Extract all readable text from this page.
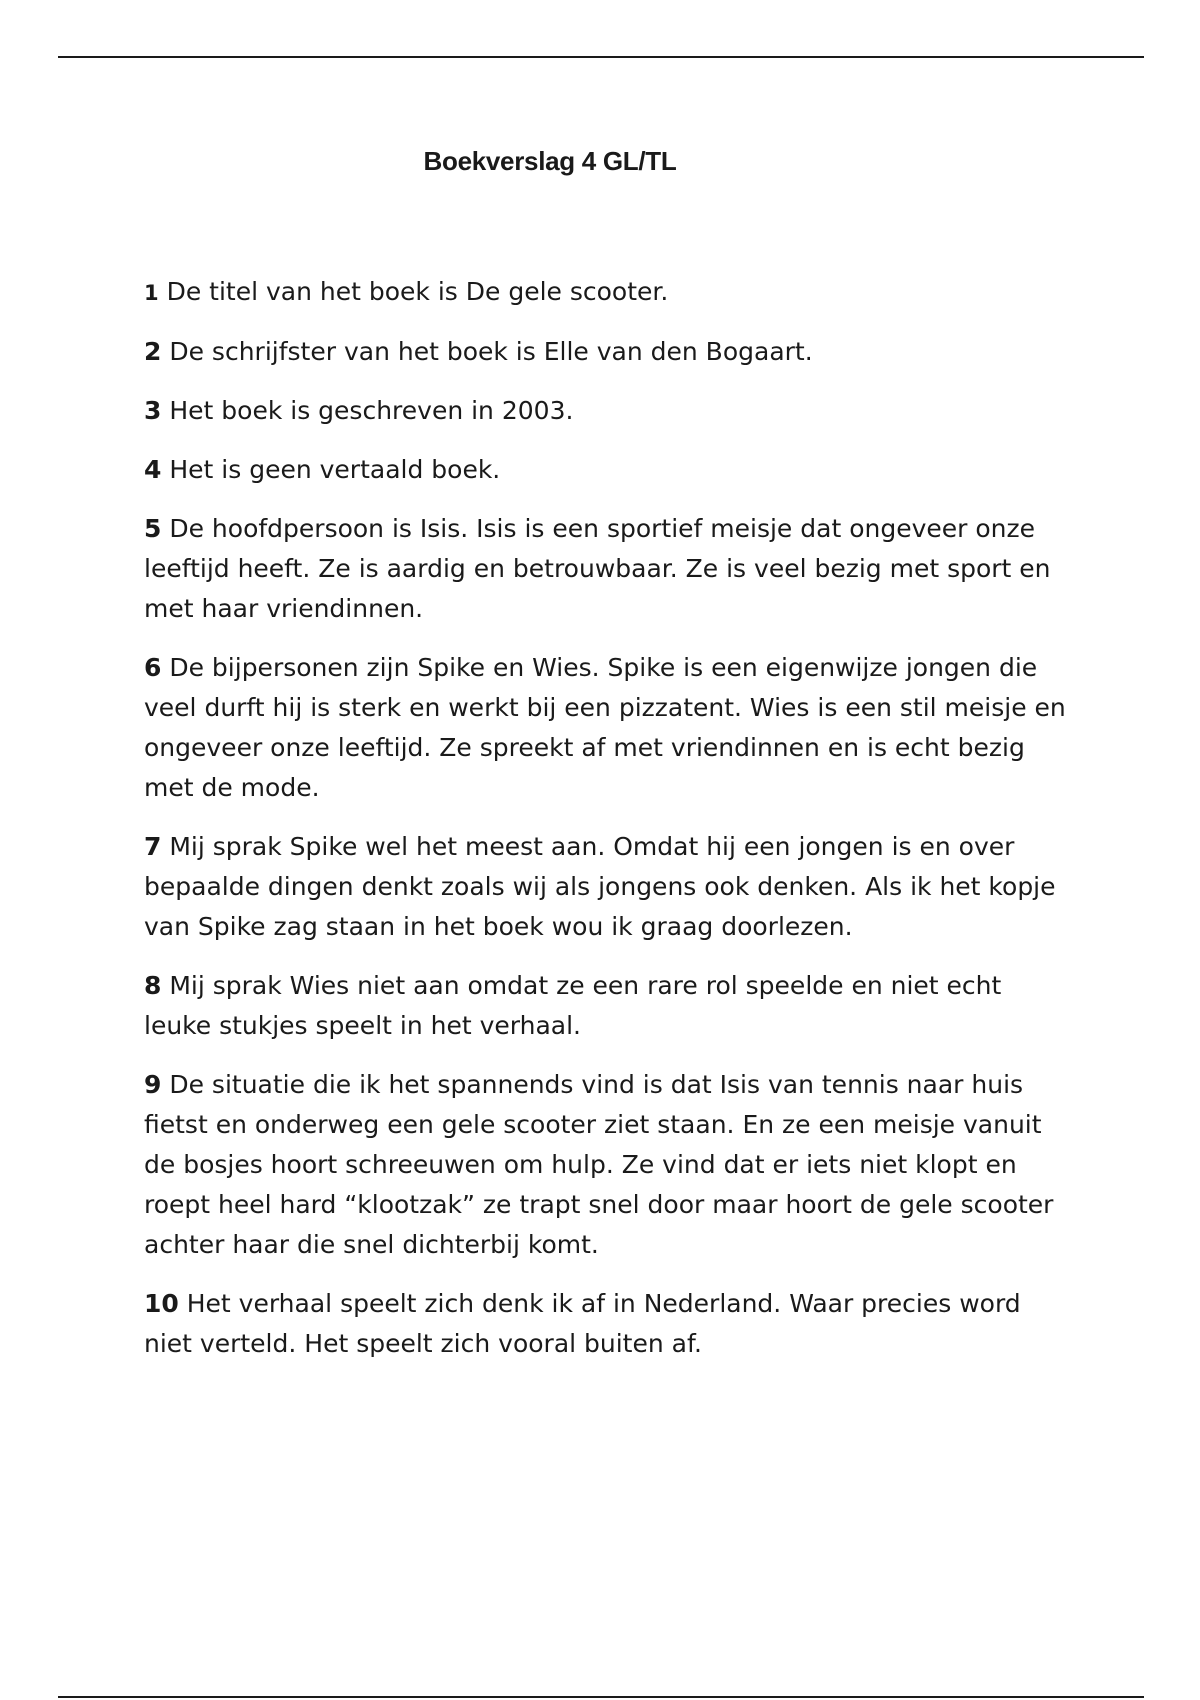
Boekverslag 4 GL/TL

1 De titel van het boek is De gele scooter.

2 De schrijfster van het boek is Elle van den Bogaart.

3 Het boek is geschreven in 2003.

4 Het is geen vertaald boek.

5 De hoofdpersoon is Isis. Isis is een sportief meisje dat ongeveer onze leeftijd heeft. Ze is aardig en betrouwbaar. Ze is veel bezig met sport en met haar vriendinnen.

6 De bijpersonen zijn Spike en Wies. Spike is een eigenwijze jongen die veel durft hij is sterk en werkt bij een pizzatent. Wies is een stil meisje en ongeveer onze leeftijd. Ze spreekt af met vriendinnen en is echt bezig met de mode.

7 Mij sprak Spike wel het meest aan. Omdat hij een jongen is en over bepaalde dingen denkt zoals wij als jongens ook denken. Als ik het kopje van Spike zag staan in het boek wou ik graag doorlezen.

8 Mij sprak Wies niet aan omdat ze een rare rol speelde en niet echt leuke stukjes speelt in het verhaal.

9 De situatie die ik het spannends vind is dat Isis van tennis naar huis fietst en onderweg een gele scooter ziet staan. En ze een meisje vanuit de bosjes hoort schreeuwen om hulp. Ze vind dat er iets niet klopt en roept heel hard “klootzak” ze trapt snel door maar hoort de gele scooter achter haar die snel dichterbij komt.

10 Het verhaal speelt zich denk ik af in Nederland. Waar precies word niet verteld. Het speelt zich vooral buiten af.
